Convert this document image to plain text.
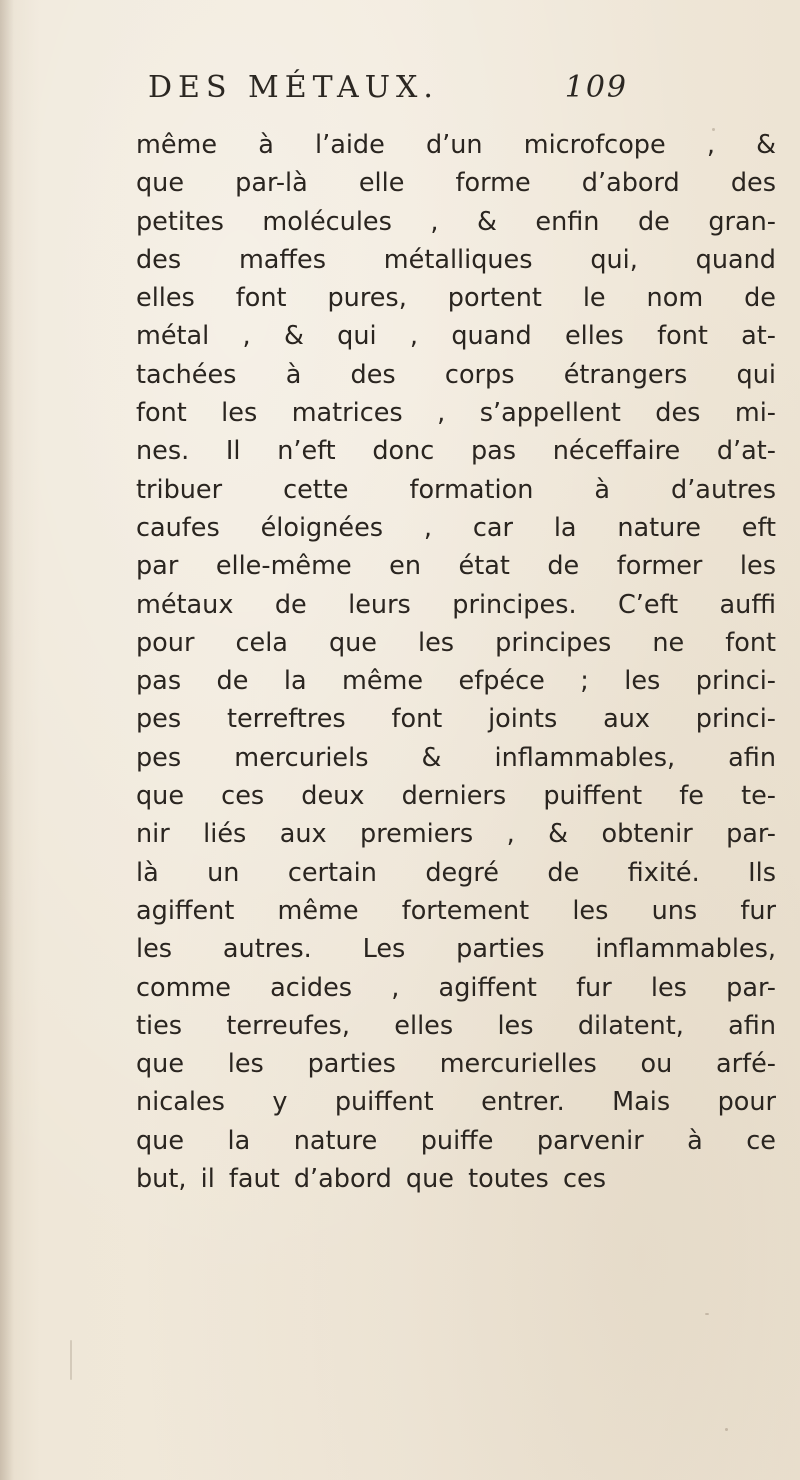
DES MÉTAUX.	109
même à l’aide d’un microfcope , &
que par-là elle forme d’abord des
petites molécules , & enfin de gran-
des maffes métalliques qui, quand
elles font pures, portent le nom de
métal , & qui , quand elles font at-
tachées à des corps étrangers qui
font les matrices , s’appellent des mi-
nes. Il n’eft donc pas néceffaire d’at-
tribuer cette formation à d’autres
caufes éloignées , car la nature eft
par elle-même en état de former les
métaux de leurs principes. C’eft auffi
pour cela que les principes ne font
pas de la même efpéce ; les princi-
pes terreftres font joints aux princi-
pes mercuriels & inflammables, afin
que ces deux derniers puiffent fe te-
nir liés aux premiers , & obtenir par-
là un certain degré de fixité. Ils
agiffent même fortement les uns fur
les autres. Les parties inflammables,
comme acides , agiffent fur les par-
ties terreufes, elles les dilatent, afin
que les parties mercurielles ou arfé-
nicales y puiffent entrer. Mais pour
que la nature puiffe parvenir à ce
but, il faut d’abord que toutes ces
